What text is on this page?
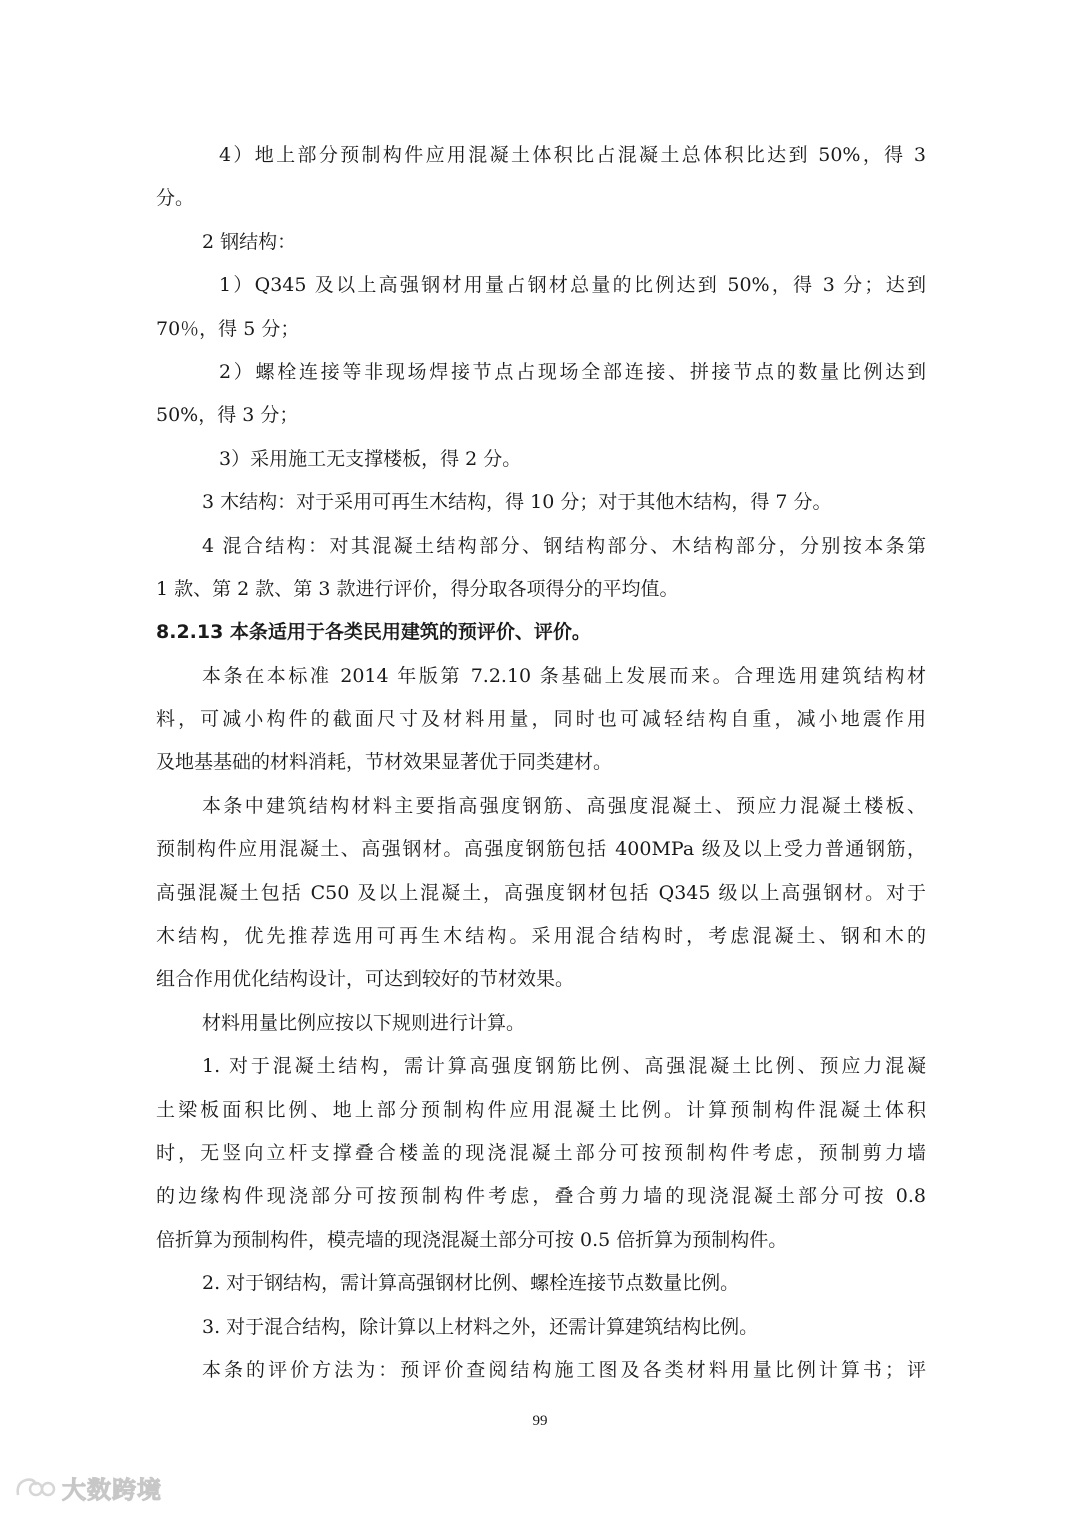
4）地上部分预制构件应用混凝土体积比占混凝土总体积比达到 50%，得 3
分。
2 钢结构：
1）Q345 及以上高强钢材用量占钢材总量的比例达到 50%，得 3 分；达到
70％，得 5 分；
2）螺栓连接等非现场焊接节点占现场全部连接、拼接节点的数量比例达到
50%，得 3 分；
3）采用施工无支撑楼板，得 2 分。
3 木结构：对于采用可再生木结构，得 10 分；对于其他木结构，得 7 分。
4 混合结构：对其混凝土结构部分、钢结构部分、木结构部分，分别按本条第
1 款、第 2 款、第 3 款进行评价，得分取各项得分的平均值。
8.2.13 本条适用于各类民用建筑的预评价、评价。
本条在本标准 2014 年版第 7.2.10 条基础上发展而来。合理选用建筑结构材
料，可减小构件的截面尺寸及材料用量，同时也可减轻结构自重，减小地震作用
及地基基础的材料消耗，节材效果显著优于同类建材。
本条中建筑结构材料主要指高强度钢筋、高强度混凝土、预应力混凝土楼板、
预制构件应用混凝土、高强钢材。高强度钢筋包括 400MPa 级及以上受力普通钢筋，
高强混凝土包括 C50 及以上混凝土，高强度钢材包括 Q345 级以上高强钢材。对于
木结构，优先推荐选用可再生木结构。采用混合结构时，考虑混凝土、钢和木的
组合作用优化结构设计，可达到较好的节材效果。
材料用量比例应按以下规则进行计算。
1. 对于混凝土结构，需计算高强度钢筋比例、高强混凝土比例、预应力混凝
土梁板面积比例、地上部分预制构件应用混凝土比例。计算预制构件混凝土体积
时，无竖向立杆支撑叠合楼盖的现浇混凝土部分可按预制构件考虑，预制剪力墙
的边缘构件现浇部分可按预制构件考虑，叠合剪力墙的现浇混凝土部分可按 0.8
倍折算为预制构件，模壳墙的现浇混凝土部分可按 0.5 倍折算为预制构件。
2. 对于钢结构，需计算高强钢材比例、螺栓连接节点数量比例。
3. 对于混合结构，除计算以上材料之外，还需计算建筑结构比例。
本条的评价方法为：预评价查阅结构施工图及各类材料用量比例计算书；评
99
大数跨境
